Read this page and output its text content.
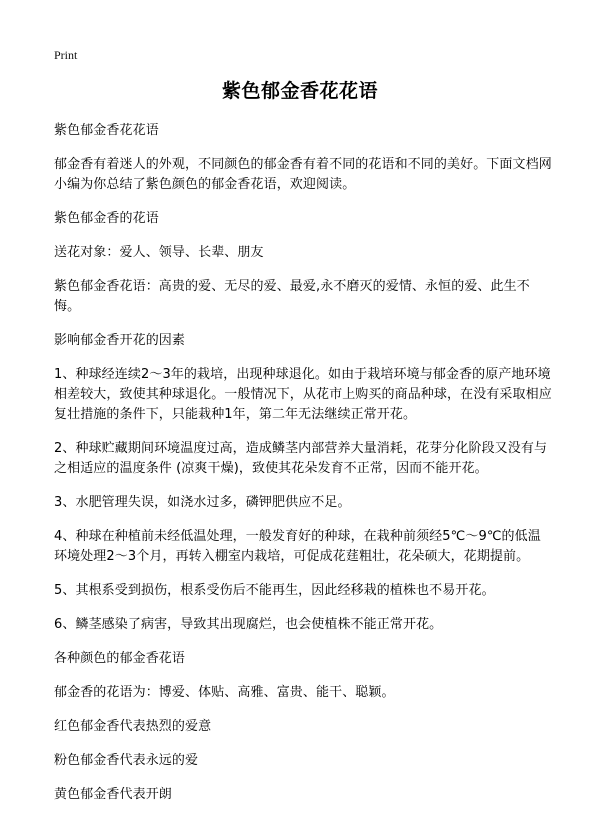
Print
紫色郁金香花花语

紫色郁金香花花语

郁金香有着迷人的外观，不同颜色的郁金香有着不同的花语和不同的美好。下面文档网小编为你总结了紫色颜色的郁金香花语，欢迎阅读。

紫色郁金香的花语

送花对象：爱人、领导、长辈、朋友

紫色郁金香花语：高贵的爱、无尽的爱、最爱,永不磨灭的爱情、永恒的爱、此生不悔。

影响郁金香开花的因素

1、种球经连续2～3年的栽培，出现种球退化。如由于栽培环境与郁金香的原产地环境相差较大，致使其种球退化。一般情况下，从花市上购买的商品种球，在没有采取相应复壮措施的条件下，只能栽种1年，第二年无法继续正常开花。

2、种球贮藏期间环境温度过高，造成鳞茎内部营养大量消耗，花芽分化阶段又没有与之相适应的温度条件 (凉爽干燥)，致使其花朵发育不正常，因而不能开花。

3、水肥管理失误，如浇水过多，磷钾肥供应不足。

4、种球在种植前未经低温处理，一般发育好的种球，在栽种前须经5℃～9℃的低温环境处理2～3个月，再转入棚室内栽培，可促成花莛粗壮，花朵硕大，花期提前。

5、其根系受到损伤，根系受伤后不能再生，因此经移栽的植株也不易开花。

6、鳞茎感染了病害，导致其出现腐烂，也会使植株不能正常开花。

各种颜色的郁金香花语

郁金香的花语为：博爱、体贴、高雅、富贵、能干、聪颖。

红色郁金香代表热烈的爱意

粉色郁金香代表永远的爱

黄色郁金香代表开朗
